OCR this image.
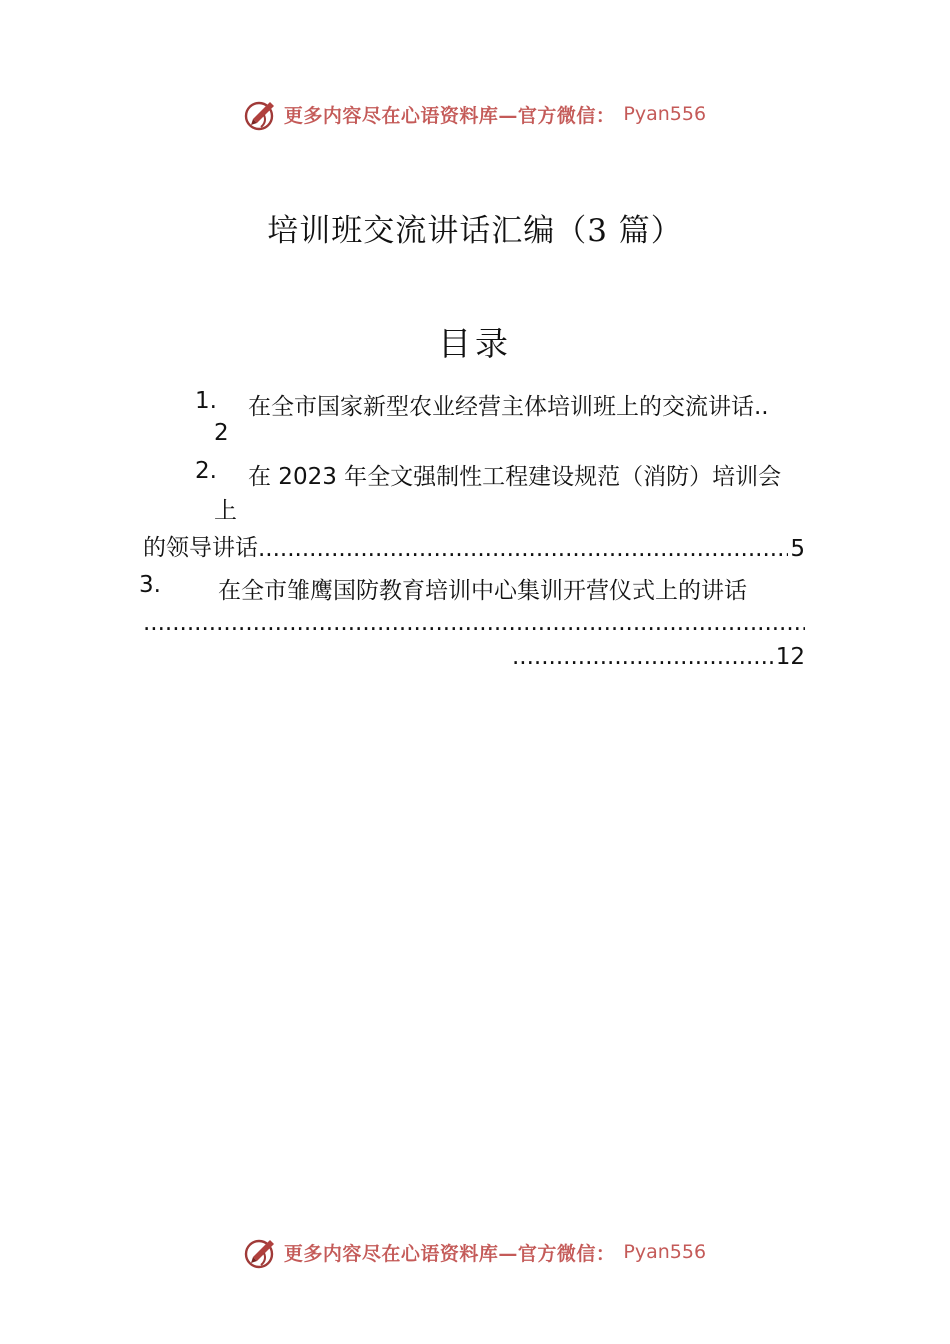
更多内容尽在心语资料库—官方微信： Pyan556
培训班交流讲话汇编（3 篇）
目录
1. 在全市国家新型农业经营主体培训班上的交流讲话..
2
2. 在 2023 年全文强制性工程建设规范（消防）培训会
上
的领导讲话
.....	5
3. 在全市雏鹰国防教育培训中心集训开营仪式上的讲话
.....
.....
12
更多内容尽在心语资料库—官方微信： Pyan556
